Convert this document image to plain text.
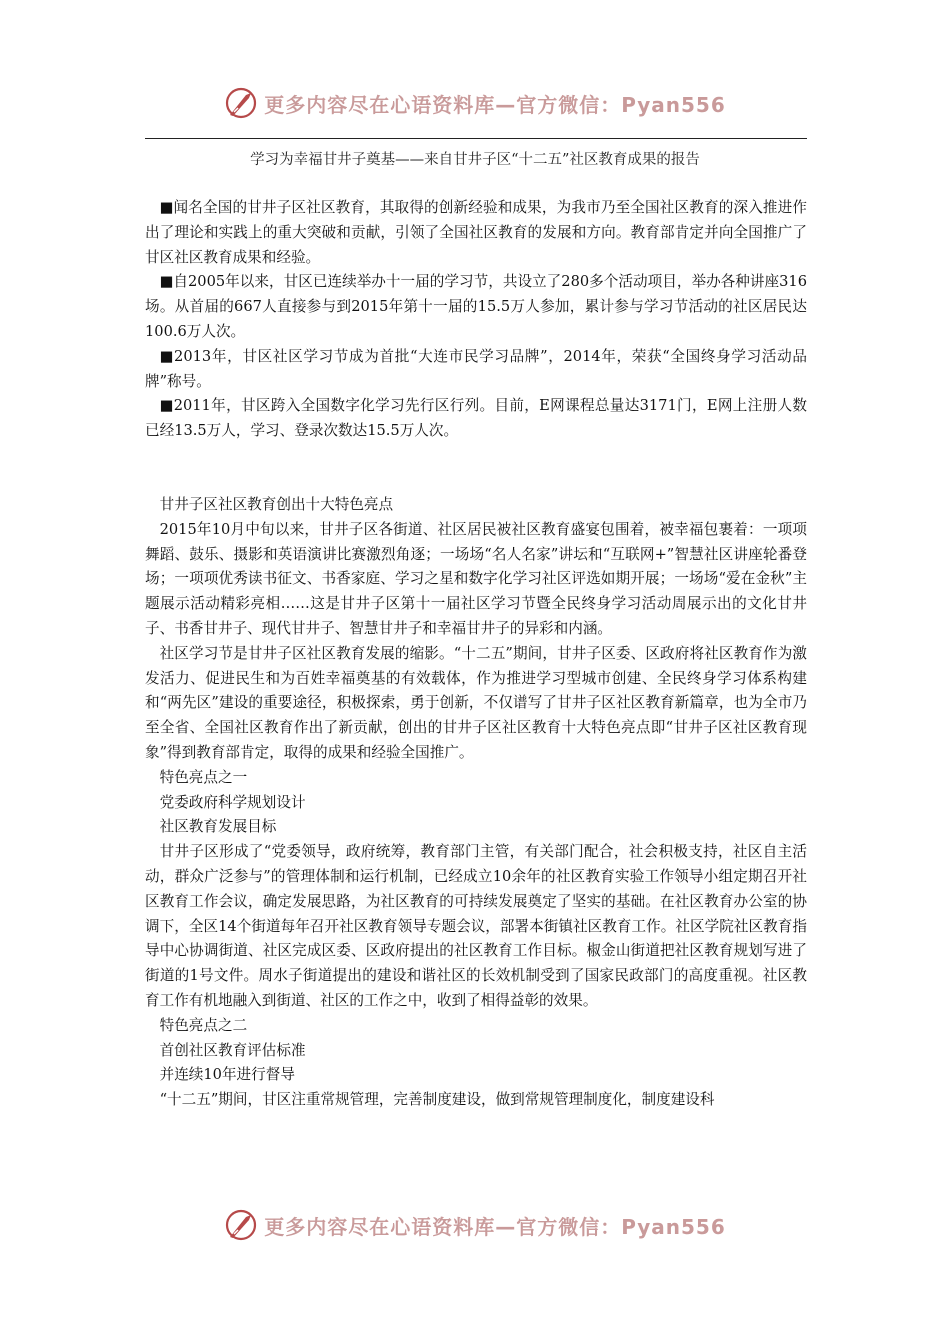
更多内容尽在心语资料库—官方微信：Pyan556
学习为幸福甘井子奠基——来自甘井子区“十二五”社区教育成果的报告

■闻名全国的甘井子区社区教育，其取得的创新经验和成果，为我市乃至全国社区教育的深入推进作出了理论和实践上的重大突破和贡献，引领了全国社区教育的发展和方向。教育部肯定并向全国推广了甘区社区教育成果和经验。

■自2005年以来，甘区已连续举办十一届的学习节，共设立了280多个活动项目，举办各种讲座316场。从首届的667人直接参与到2015年第十一届的15.5万人参加，累计参与学习节活动的社区居民达100.6万人次。

■2013年，甘区社区学习节成为首批“大连市民学习品牌”，2014年，荣获“全国终身学习活动品牌”称号。

■2011年，甘区跨入全国数字化学习先行区行列。目前，E网课程总量达3171门，E网上注册人数已经13.5万人，学习、登录次数达15.5万人次。

甘井子区社区教育创出十大特色亮点

2015年10月中旬以来，甘井子区各街道、社区居民被社区教育盛宴包围着，被幸福包裹着：一项项舞蹈、鼓乐、摄影和英语演讲比赛激烈角逐；一场场“名人名家”讲坛和“互联网+”智慧社区讲座轮番登场；一项项优秀读书征文、书香家庭、学习之星和数字化学习社区评选如期开展；一场场“爱在金秋”主题展示活动精彩亮相……这是甘井子区第十一届社区学习节暨全民终身学习活动周展示出的文化甘井子、书香甘井子、现代甘井子、智慧甘井子和幸福甘井子的异彩和内涵。

社区学习节是甘井子区社区教育发展的缩影。“十二五”期间，甘井子区委、区政府将社区教育作为激发活力、促进民生和为百姓幸福奠基的有效载体，作为推进学习型城市创建、全民终身学习体系构建和“两先区”建设的重要途径，积极探索，勇于创新，不仅谱写了甘井子区社区教育新篇章，也为全市乃至全省、全国社区教育作出了新贡献，创出的甘井子区社区教育十大特色亮点即“甘井子区社区教育现象”得到教育部肯定，取得的成果和经验全国推广。

特色亮点之一

党委政府科学规划设计

社区教育发展目标

甘井子区形成了“党委领导，政府统筹，教育部门主管，有关部门配合，社会积极支持，社区自主活动，群众广泛参与”的管理体制和运行机制，已经成立10余年的社区教育实验工作领导小组定期召开社区教育工作会议，确定发展思路，为社区教育的可持续发展奠定了坚实的基础。在社区教育办公室的协调下，全区14个街道每年召开社区教育领导专题会议，部署本街镇社区教育工作。社区学院社区教育指导中心协调街道、社区完成区委、区政府提出的社区教育工作目标。椒金山街道把社区教育规划写进了街道的1号文件。周水子街道提出的建设和谐社区的长效机制受到了国家民政部门的高度重视。社区教育工作有机地融入到街道、社区的工作之中，收到了相得益彰的效果。

特色亮点之二

首创社区教育评估标准

并连续10年进行督导

“十二五”期间，甘区注重常规管理，完善制度建设，做到常规管理制度化，制度建设科

更多内容尽在心语资料库—官方微信：Pyan556
